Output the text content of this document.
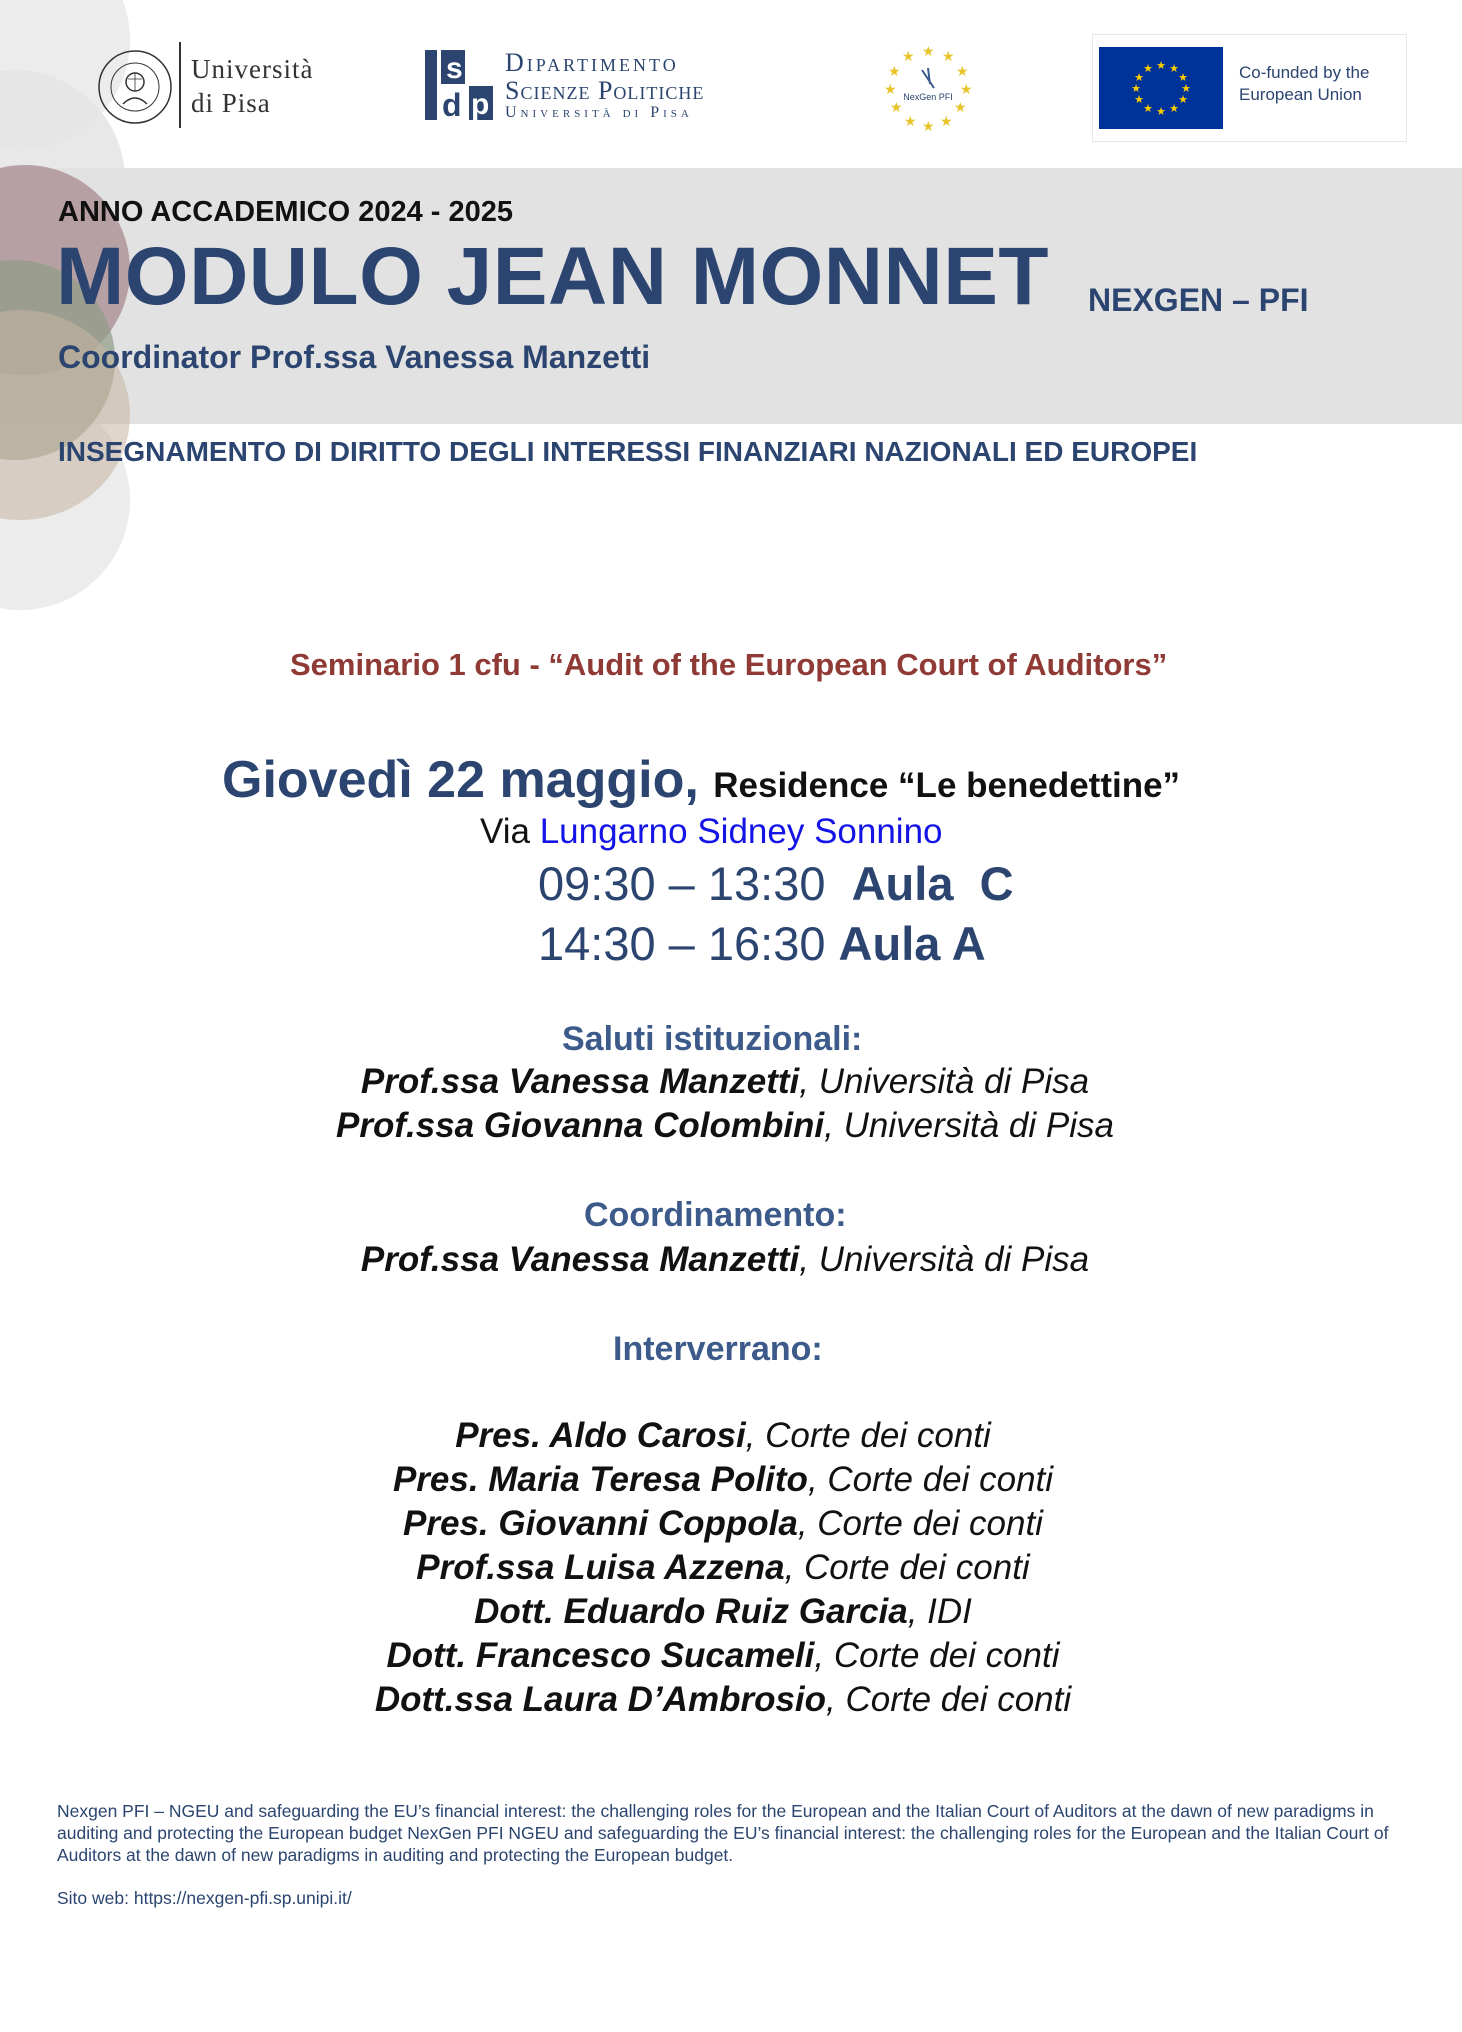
Università
di Pisa
s
d p
Dipartimento
Scienze Politiche
Università di Pisa
★ ★
★
★
★
★
★
★
★
★
★
★
NexGen PFI
★ ★
★
★
★
★
★
★
★
★
★
★	Co-funded by the
European Union
ANNO ACCADEMICO 2024 - 2025
MODULO JEAN MONNET NEXGEN – PFI
Coordinator Prof.ssa Vanessa Manzetti
INSEGNAMENTO DI DIRITTO DEGLI INTERESSI FINANZIARI NAZIONALI ED EUROPEI
Seminario 1 cfu - “Audit of the European Court of Auditors”
Giovedì 22 maggio, Residence “Le benedettine”
Via Lungarno Sidney Sonnino
09:30 – 13:30  Aula  C
14:30 – 16:30 Aula A
Saluti istituzionali:
Prof.ssa Vanessa Manzetti, Università di Pisa
Prof.ssa Giovanna Colombini, Università di Pisa
Coordinamento:
Prof.ssa Vanessa Manzetti, Università di Pisa
Interverrano:
Pres. Aldo Carosi, Corte dei conti
Pres. Maria Teresa Polito, Corte dei conti
Pres. Giovanni Coppola, Corte dei conti
Prof.ssa Luisa Azzena, Corte dei conti
Dott. Eduardo Ruiz Garcia, IDI
Dott. Francesco Sucameli, Corte dei conti
Dott.ssa Laura D’Ambrosio, Corte dei conti
Nexgen PFI – NGEU and safeguarding the EU’s financial interest: the challenging roles for the European and the Italian Court of Auditors at the dawn of new paradigms in auditing and protecting the European budget NexGen PFI NGEU and safeguarding the EU’s financial interest: the challenging roles for the European and the Italian Court of Auditors at the dawn of new paradigms in auditing and protecting the European budget.
Sito web: https://nexgen-pfi.sp.unipi.it/
